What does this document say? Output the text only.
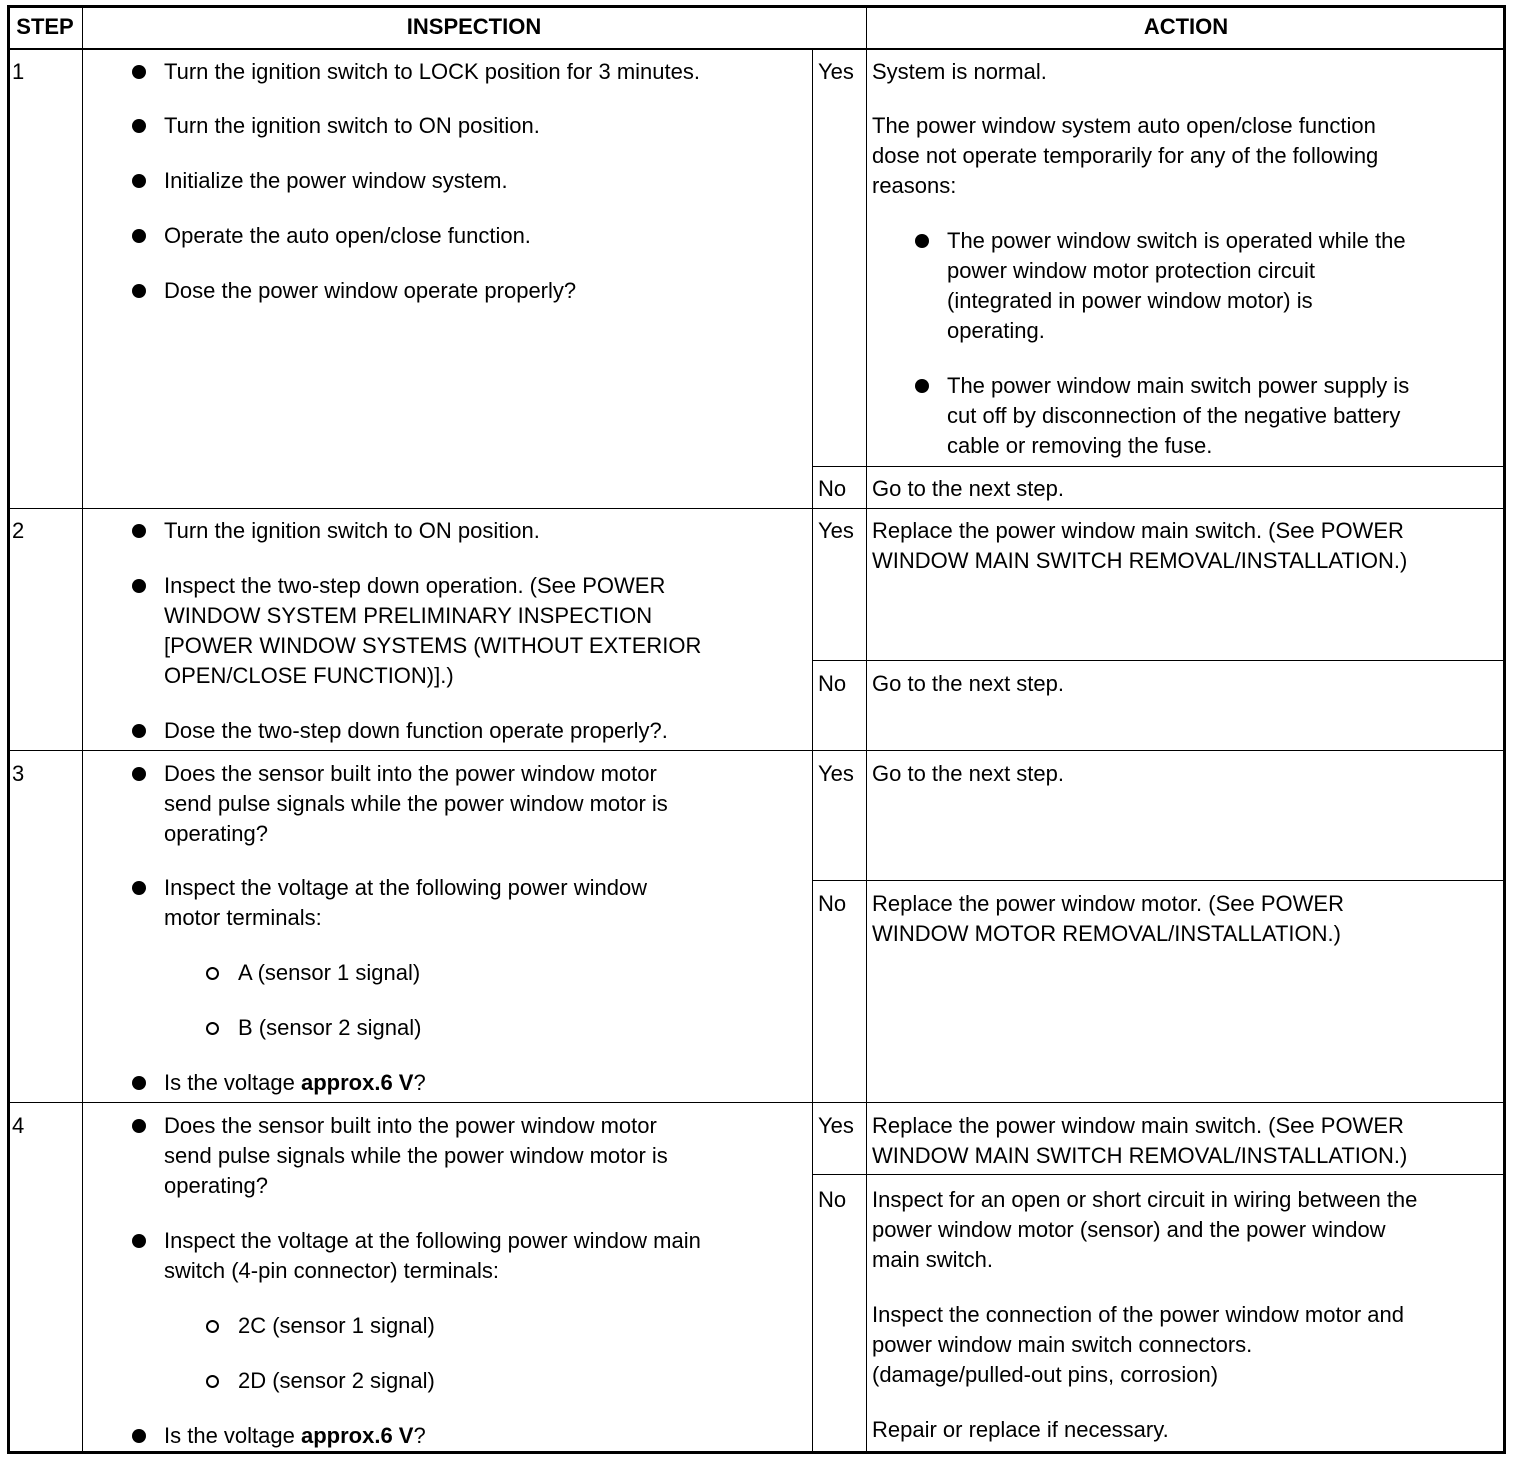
STEP	INSPECTION	ACTION
1	Turn the ignition switch to LOCK position for 3 minutes.
Turn the ignition switch to ON position.
Initialize the power window system.
Operate the auto open/close function.
Dose the power window operate properly?
Yes System is normal.
The power window system auto open/close function
dose not operate temporarily for any of the following
reasons:
The power window switch is operated while the
power window motor protection circuit
(integrated in power window motor) is
operating.
The power window main switch power supply is
cut off by disconnection of the negative battery
cable or removing the fuse.
No Go to the next step.
2	Turn the ignition switch to ON position.
Inspect the two-step down operation. (See POWER
WINDOW SYSTEM PRELIMINARY INSPECTION
[POWER WINDOW SYSTEMS (WITHOUT EXTERIOR
OPEN/CLOSE FUNCTION)].)
Dose the two-step down function operate properly?.
Yes Replace the power window main switch. (See POWER
WINDOW MAIN SWITCH REMOVAL/INSTALLATION.)
No Go to the next step.
3	Does the sensor built into the power window motor
send pulse signals while the power window motor is
operating?
Inspect the voltage at the following power window
motor terminals:
A (sensor 1 signal)
B (sensor 2 signal)
Is the voltage approx.6 V?
Yes Go to the next step.
No Replace the power window motor. (See POWER
WINDOW MOTOR REMOVAL/INSTALLATION.)
4	Does the sensor built into the power window motor
send pulse signals while the power window motor is
operating?
Inspect the voltage at the following power window main
switch (4-pin connector) terminals:
2C (sensor 1 signal)
2D (sensor 2 signal)
Is the voltage approx.6 V?
Yes Replace the power window main switch. (See POWER
WINDOW MAIN SWITCH REMOVAL/INSTALLATION.)
No Inspect for an open or short circuit in wiring between the
power window motor (sensor) and the power window
main switch.
Inspect the connection of the power window motor and
power window main switch connectors.
(damage/pulled-out pins, corrosion)
Repair or replace if necessary.
